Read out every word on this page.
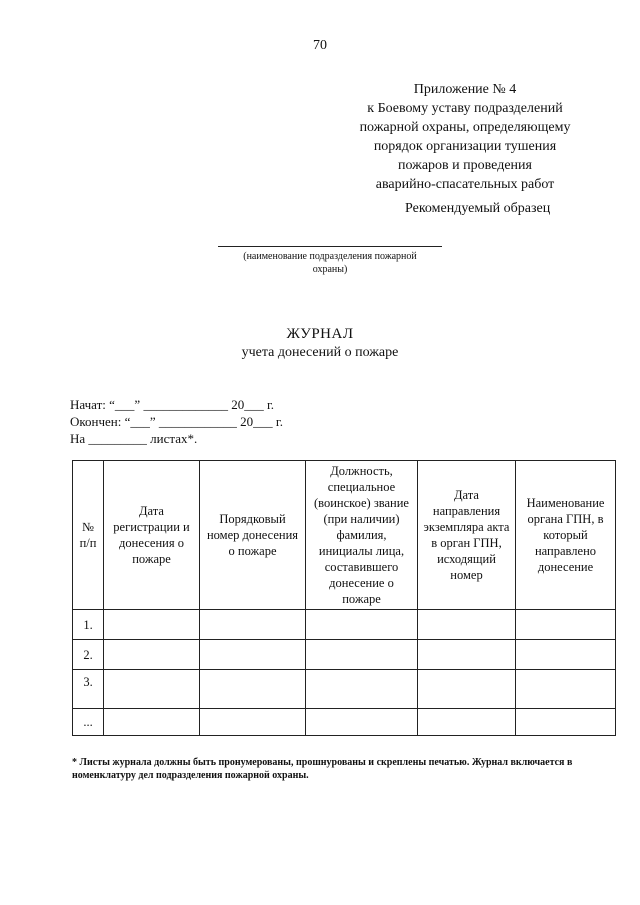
70
Приложение № 4
к Боевому уставу подразделений
пожарной охраны, определяющему
порядок организации тушения
пожаров и проведения
аварийно-спасательных работ
Рекомендуемый образец
(наименование подразделения пожарной охраны)
ЖУРНАЛ
учета донесений о пожаре
Начат: “___” _____________ 20___ г.
Окончен: “___” ____________ 20___ г.
На _________ листах*.
№ п/п	Дата регистрации и донесения о пожаре	Порядковый номер донесения о пожаре	Должность, специальное (воинское) звание (при наличии) фамилия, инициалы лица, составившего донесение о пожаре	Дата направления экземпляра акта в орган ГПН, исходящий номер	Наименование органа ГПН, в который направлено донесение
1.					
2.					
3.					
...					
* Листы журнала должны быть пронумерованы, прошнурованы и скреплены печатью. Журнал включается в номенклатуру дел подразделения пожарной охраны.
